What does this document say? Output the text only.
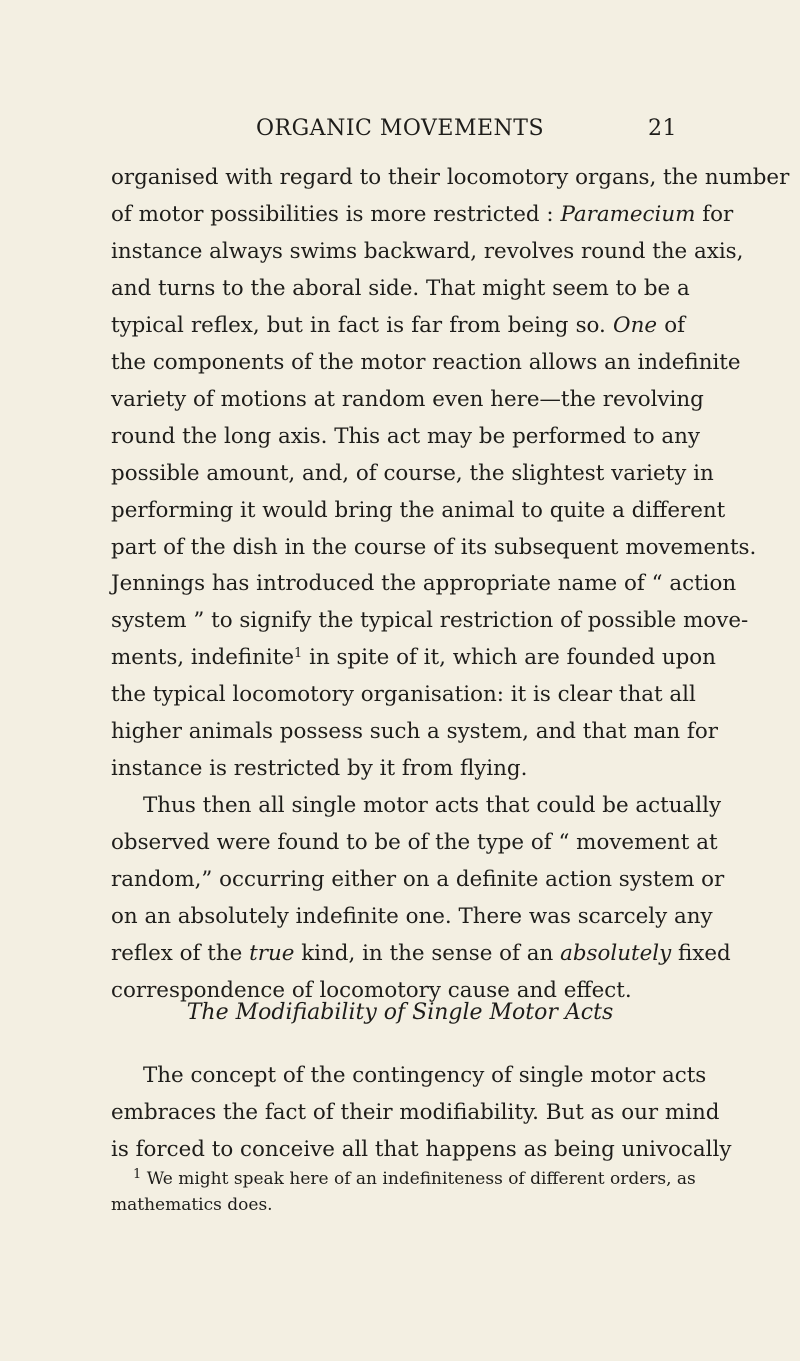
ORGANIC MOVEMENTS	21

organised with regard to their locomotory organs, the number
of motor possibilities is more restricted : Paramecium for
instance always swims backward, revolves round the axis,
and turns to the aboral side. That might seem to be a
typical reflex, but in fact is far from being so. One of
the components of the motor reaction allows an indefinite
variety of motions at random even here—the revolving
round the long axis. This act may be performed to any
possible amount, and, of course, the slightest variety in
performing it would bring the animal to quite a different
part of the dish in the course of its subsequent movements.
Jennings has introduced the appropriate name of “ action
system ” to signify the typical restriction of possible move-
ments, indefinite$^1$ in spite of it, which are founded upon
the typical locomotory organisation: it is clear that all
higher animals possess such a system, and that man for
instance is restricted by it from flying.

Thus then all single motor acts that could be actually
observed were found to be of the type of “ movement at
random,” occurring either on a definite action system or
on an absolutely indefinite one. There was scarcely any
reflex of the true kind, in the sense of an absolutely fixed
correspondence of locomotory cause and effect.

The Modifiability of Single Motor Acts
The concept of the contingency of single motor acts
embraces the fact of their modifiability. But as our mind
is forced to conceive all that happens as being univocally
$^1$ We might speak here of an indefiniteness of different orders, as
mathematics does.
